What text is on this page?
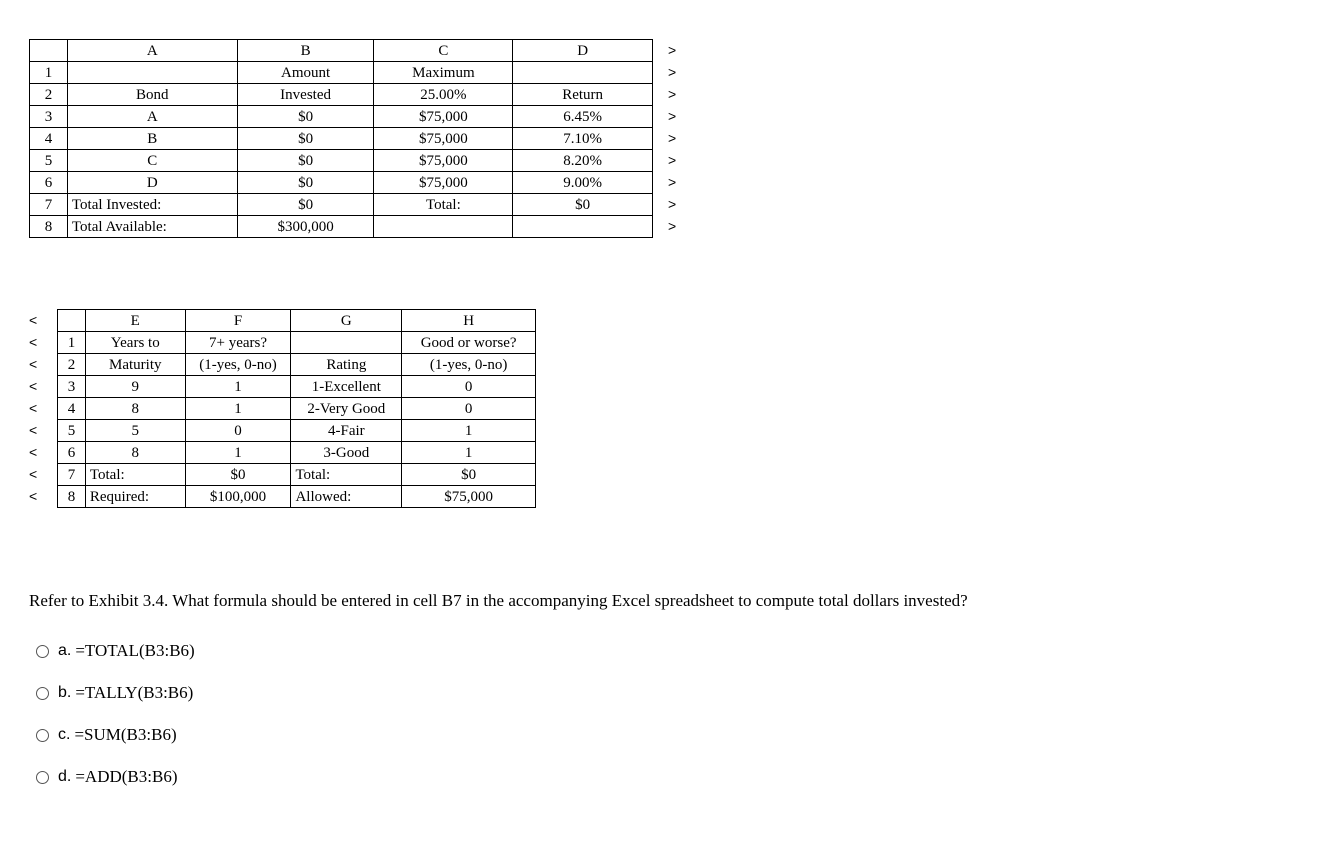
	A	B	C	D
1		Amount	Maximum	
2	Bond	Invested	25.00%	Return
3	A	$0	$75,000	6.45%
4	B	$0	$75,000	7.10%
5	C	$0	$75,000	8.20%
6	D	$0	$75,000	9.00%
7	Total Invested:	$0	Total:	$0
8	Total Available:	$300,000		
>
>
>
>
>
>
>
>
>
<
<
<
<
<
<
<
<
<
	E	F	G	H
1	Years to	7+ years?		Good or worse?
2	Maturity	(1-yes, 0-no)	Rating	(1-yes, 0-no)
3	9	1	1-Excellent	0
4	8	1	2-Very Good	0
5	5	0	4-Fair	1
6	8	1	3-Good	1
7	Total:	$0	Total:	$0
8	Required:	$100,000	Allowed:	$75,000
Refer to Exhibit 3.4. What formula should be entered in cell B7 in the accompanying Excel spreadsheet to compute total dollars invested?
a. =TOTAL(B3:B6)
b. =TALLY(B3:B6)
c. =SUM(B3:B6)
d. =ADD(B3:B6)
